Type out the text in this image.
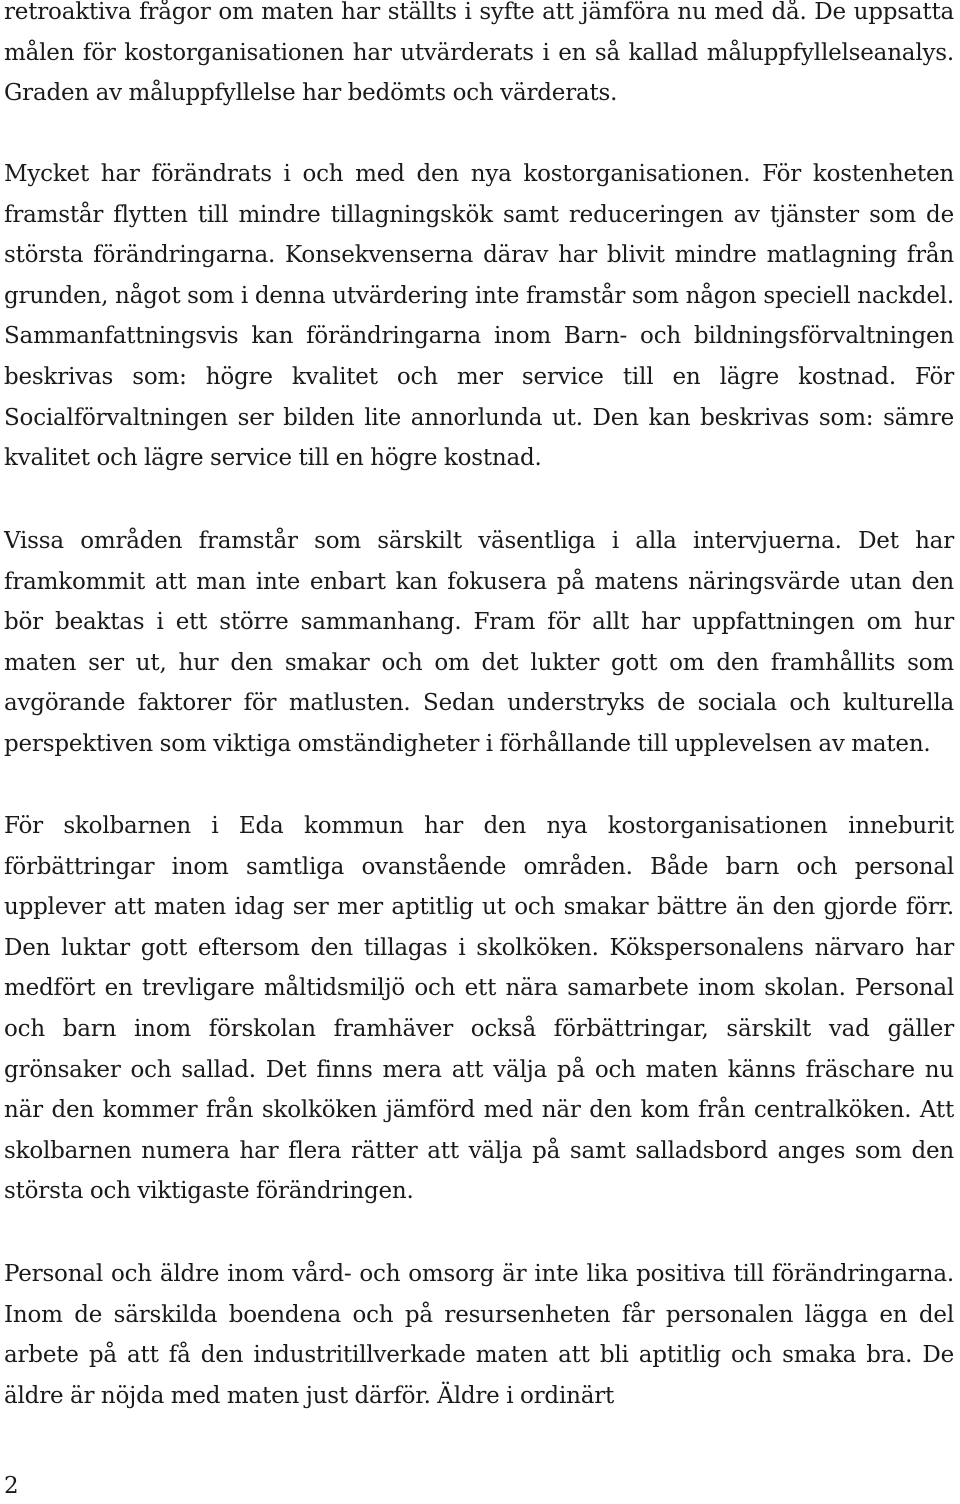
retroaktiva frågor om maten har ställts i syfte att jämföra nu med då. De uppsatta målen för kostorganisationen har utvärderats i en så kallad måluppfyllelseanalys. Graden av måluppfyllelse har bedömts och värderats.

Mycket har förändrats i och med den nya kostorganisationen. För kostenheten framstår flytten till mindre tillagningskök samt reduceringen av tjänster som de största förändringarna. Konsekvenserna därav har blivit mindre matlagning från grunden, något som i denna utvärdering inte framstår som någon speciell nackdel. Sammanfattningsvis kan förändringarna inom Barn- och bildningsförvaltningen beskrivas som: högre kvalitet och mer service till en lägre kostnad. För Socialförvaltningen ser bilden lite annorlunda ut. Den kan beskrivas som: sämre kvalitet och lägre service till en högre kostnad.

Vissa områden framstår som särskilt väsentliga i alla intervjuerna. Det har framkommit att man inte enbart kan fokusera på matens näringsvärde utan den bör beaktas i ett större sammanhang. Fram för allt har uppfattningen om hur maten ser ut, hur den smakar och om det lukter gott om den framhållits som avgörande faktorer för matlusten. Sedan understryks de sociala och kulturella perspektiven som viktiga omständigheter i förhållande till upplevelsen av maten.

För skolbarnen i Eda kommun har den nya kostorganisationen inneburit förbättringar inom samtliga ovanstående områden. Både barn och personal upplever att maten idag ser mer aptitlig ut och smakar bättre än den gjorde förr. Den luktar gott eftersom den tillagas i skolköken. Kökspersonalens närvaro har medfört en trevligare måltidsmiljö och ett nära samarbete inom skolan. Personal och barn inom förskolan framhäver också förbättringar, särskilt vad gäller grönsaker och sallad. Det finns mera att välja på och maten känns fräschare nu när den kommer från skolköken jämförd med när den kom från centralköken. Att skolbarnen numera har flera rätter att välja på samt salladsbord anges som den största och viktigaste förändringen.

Personal och äldre inom vård- och omsorg är inte lika positiva till förändringarna. Inom de särskilda boendena och på resursenheten får personalen lägga en del arbete på att få den industritillverkade maten att bli aptitlig och smaka bra. De äldre är nöjda med maten just därför. Äldre i ordinärt

2
